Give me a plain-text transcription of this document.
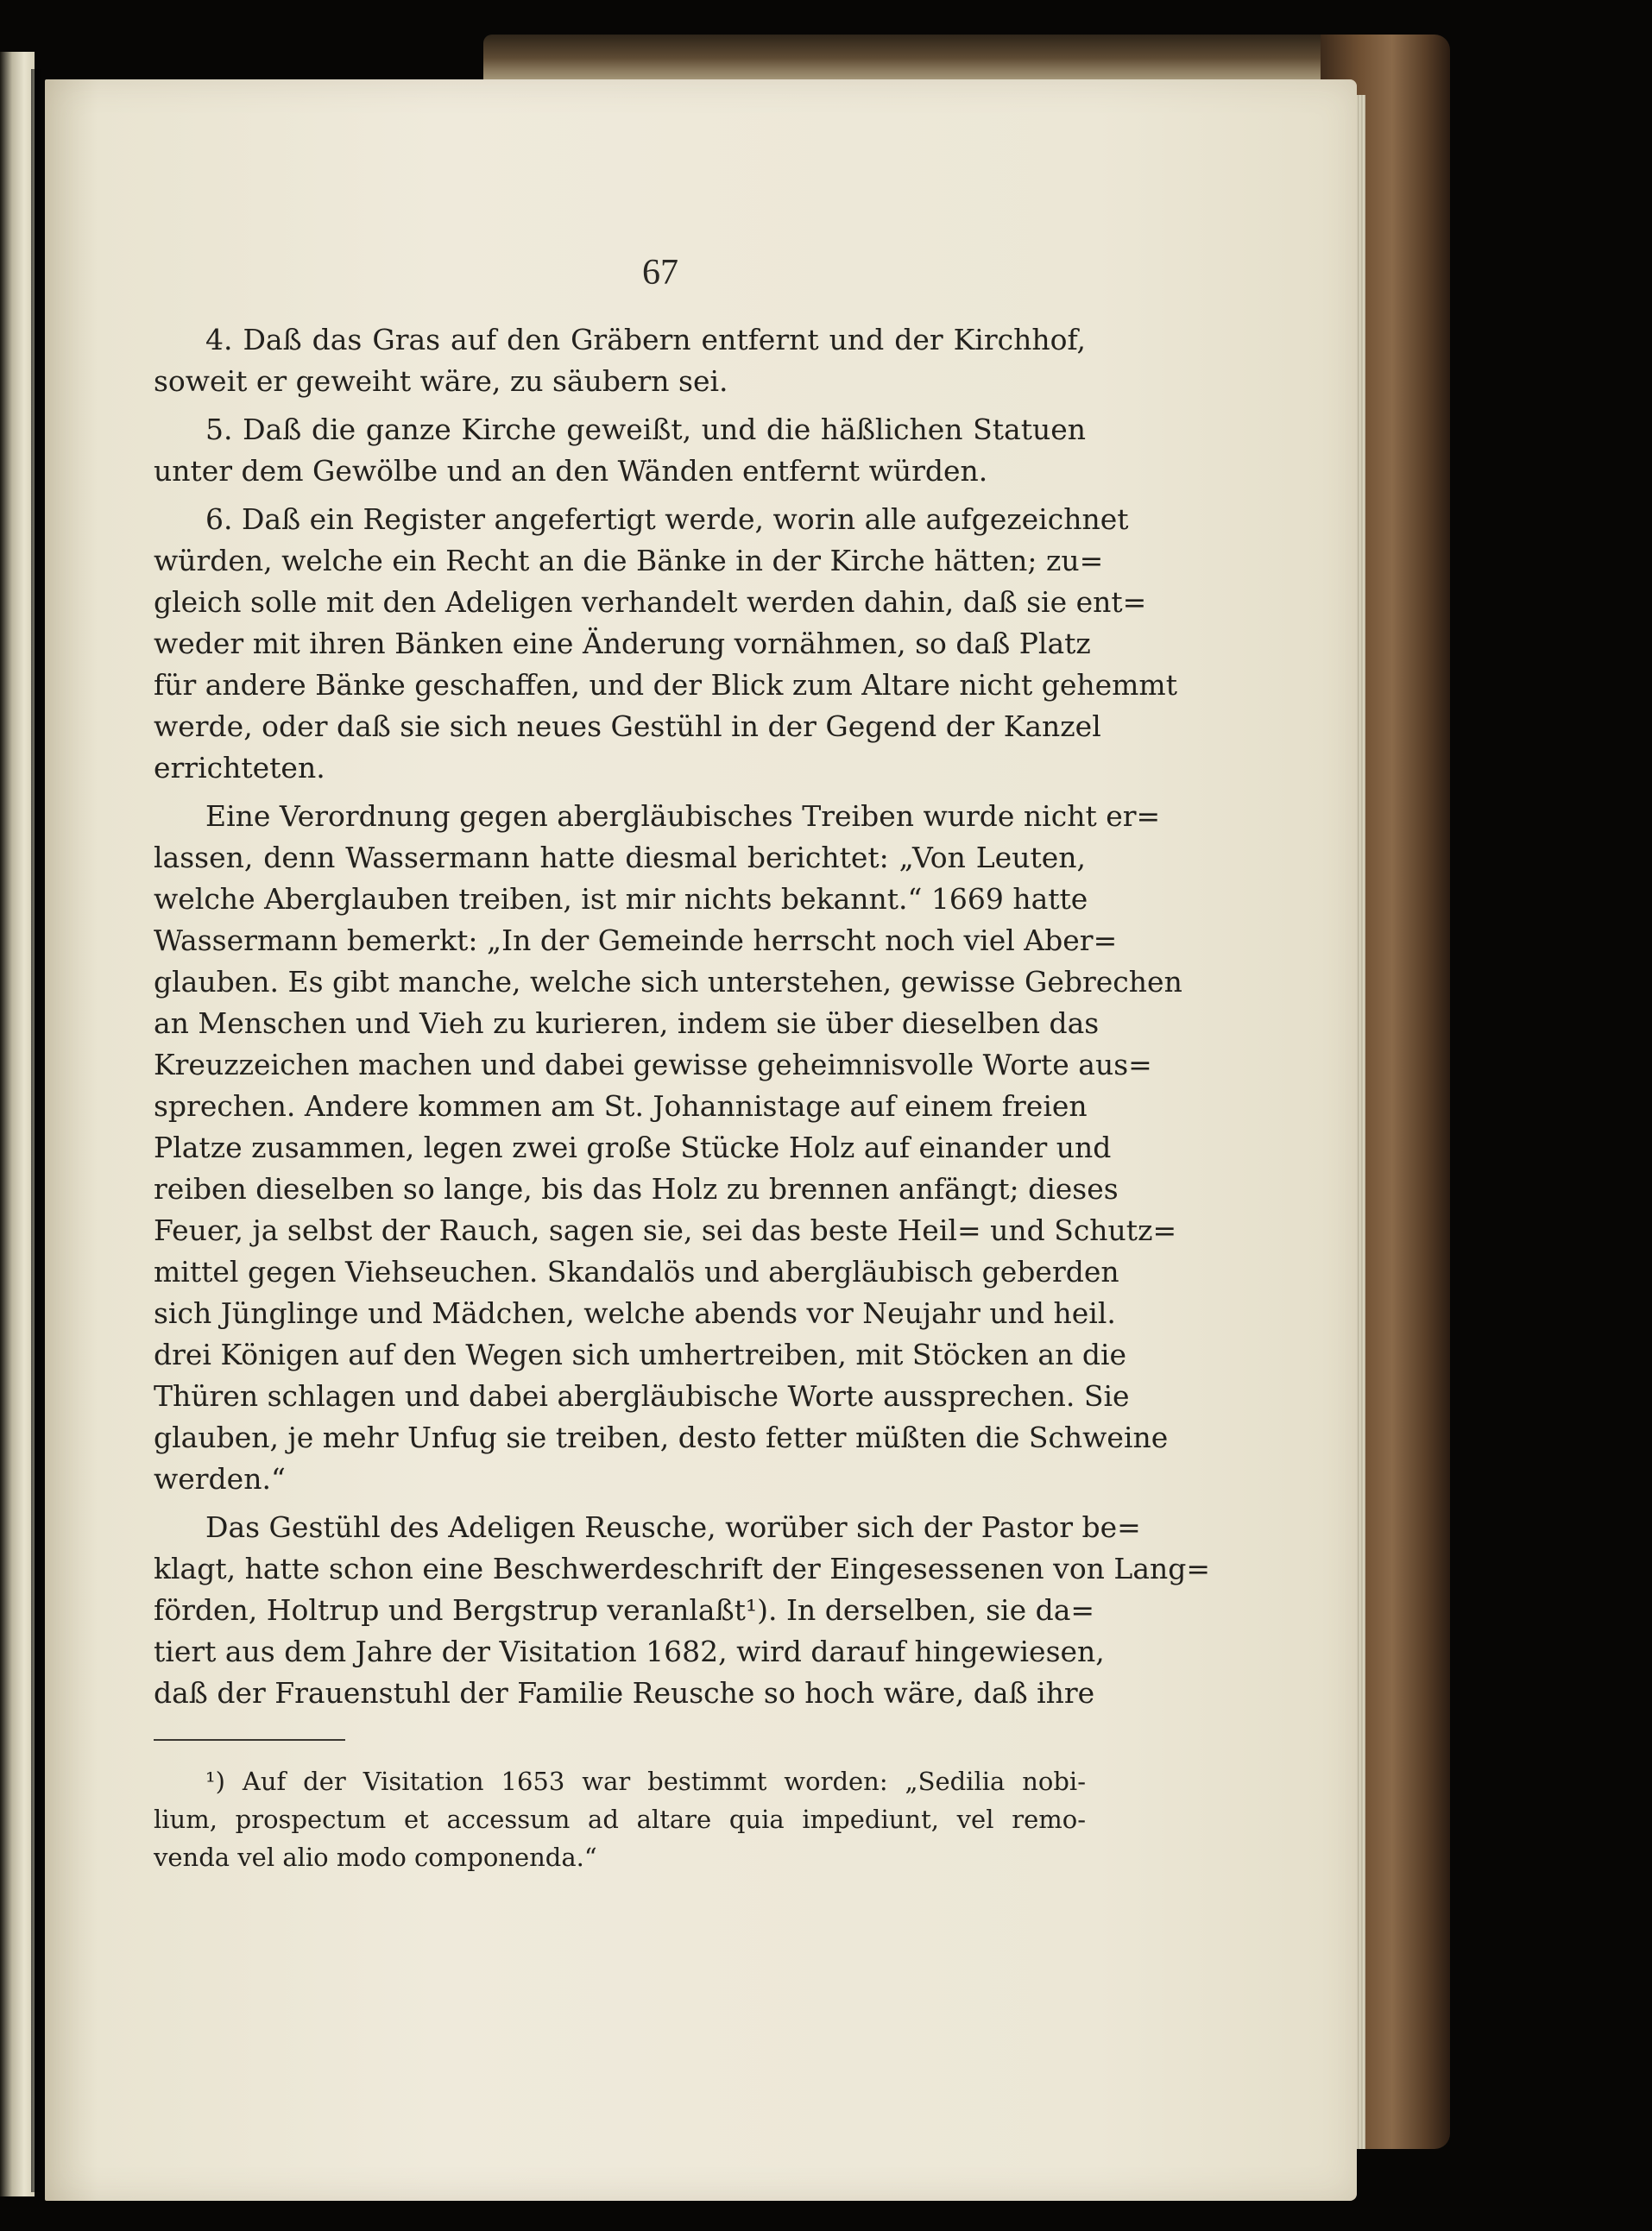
67
4. Daß das Gras auf den Gräbern entfernt und der Kirchhof,
soweit er geweiht wäre, zu säubern sei.
5. Daß die ganze Kirche geweißt, und die häßlichen Statuen
unter dem Gewölbe und an den Wänden entfernt würden.
6. Daß ein Register angefertigt werde, worin alle aufgezeichnet
würden, welche ein Recht an die Bänke in der Kirche hätten; zu=
gleich solle mit den Adeligen verhandelt werden dahin, daß sie ent=
weder mit ihren Bänken eine Änderung vornähmen, so daß Platz
für andere Bänke geschaffen, und der Blick zum Altare nicht gehemmt
werde, oder daß sie sich neues Gestühl in der Gegend der Kanzel
errichteten.
Eine Verordnung gegen abergläubisches Treiben wurde nicht er=
lassen, denn Wassermann hatte diesmal berichtet: „Von Leuten,
welche Aberglauben treiben, ist mir nichts bekannt.“ 1669 hatte
Wassermann bemerkt: „In der Gemeinde herrscht noch viel Aber=
glauben. Es gibt manche, welche sich unterstehen, gewisse Gebrechen
an Menschen und Vieh zu kurieren, indem sie über dieselben das
Kreuzzeichen machen und dabei gewisse geheimnisvolle Worte aus=
sprechen. Andere kommen am St. Johannistage auf einem freien
Platze zusammen, legen zwei große Stücke Holz auf einander und
reiben dieselben so lange, bis das Holz zu brennen anfängt; dieses
Feuer, ja selbst der Rauch, sagen sie, sei das beste Heil= und Schutz=
mittel gegen Viehseuchen. Skandalös und abergläubisch geberden
sich Jünglinge und Mädchen, welche abends vor Neujahr und heil.
drei Königen auf den Wegen sich umhertreiben, mit Stöcken an die
Thüren schlagen und dabei abergläubische Worte aussprechen. Sie
glauben, je mehr Unfug sie treiben, desto fetter müßten die Schweine
werden.“
Das Gestühl des Adeligen Reusche, worüber sich der Pastor be=
klagt, hatte schon eine Beschwerdeschrift der Eingesessenen von Lang=
förden, Holtrup und Bergstrup veranlaßt¹). In derselben, sie da=
tiert aus dem Jahre der Visitation 1682, wird darauf hingewiesen,
daß der Frauenstuhl der Familie Reusche so hoch wäre, daß ihre
¹) Auf der Visitation 1653 war bestimmt worden: „Sedilia nobi-
lium, prospectum et accessum ad altare quia impediunt, vel remo-
venda vel alio modo componenda.“
